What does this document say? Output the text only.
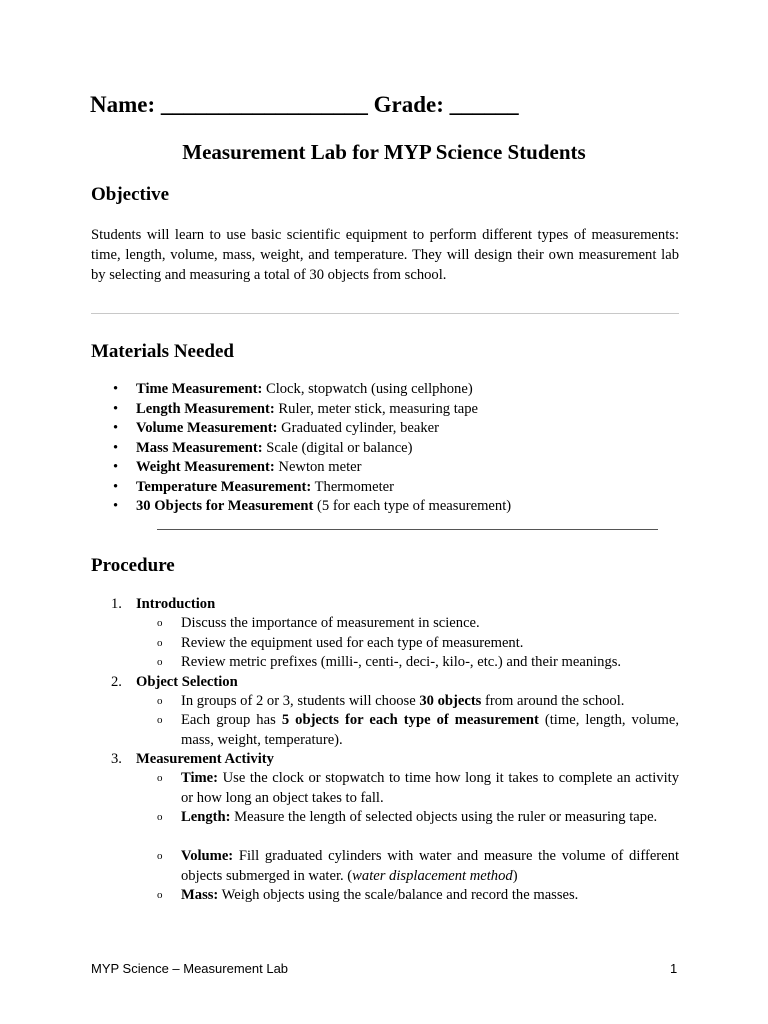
Name: __________________ Grade: ______
Measurement Lab for MYP Science Students
Objective
Students will learn to use basic scientific equipment to perform different types of measurements: time, length, volume, mass, weight, and temperature. They will design their own measurement lab by selecting and measuring a total of 30 objects from school.
Materials Needed
• Time Measurement: Clock, stopwatch (using cellphone)
• Length Measurement: Ruler, meter stick, measuring tape
• Volume Measurement: Graduated cylinder, beaker
• Mass Measurement: Scale (digital or balance)
• Weight Measurement: Newton meter
• Temperature Measurement: Thermometer
• 30 Objects for Measurement (5 for each type of measurement)
Procedure
1. Introduction
o Discuss the importance of measurement in science.
o Review the equipment used for each type of measurement.
o Review metric prefixes (milli-, centi-, deci-, kilo-, etc.) and their meanings.
2. Object Selection
o In groups of 2 or 3, students will choose 30 objects from around the school.
o Each group has 5 objects for each type of measurement (time, length, volume, mass, weight, temperature).
3. Measurement Activity
o Time: Use the clock or stopwatch to time how long it takes to complete an activity or how long an object takes to fall.
o Length: Measure the length of selected objects using the ruler or measuring tape.
o Volume: Fill graduated cylinders with water and measure the volume of different objects submerged in water. (water displacement method)
o Mass: Weigh objects using the scale/balance and record the masses.
MYP Science – Measurement Lab	1
